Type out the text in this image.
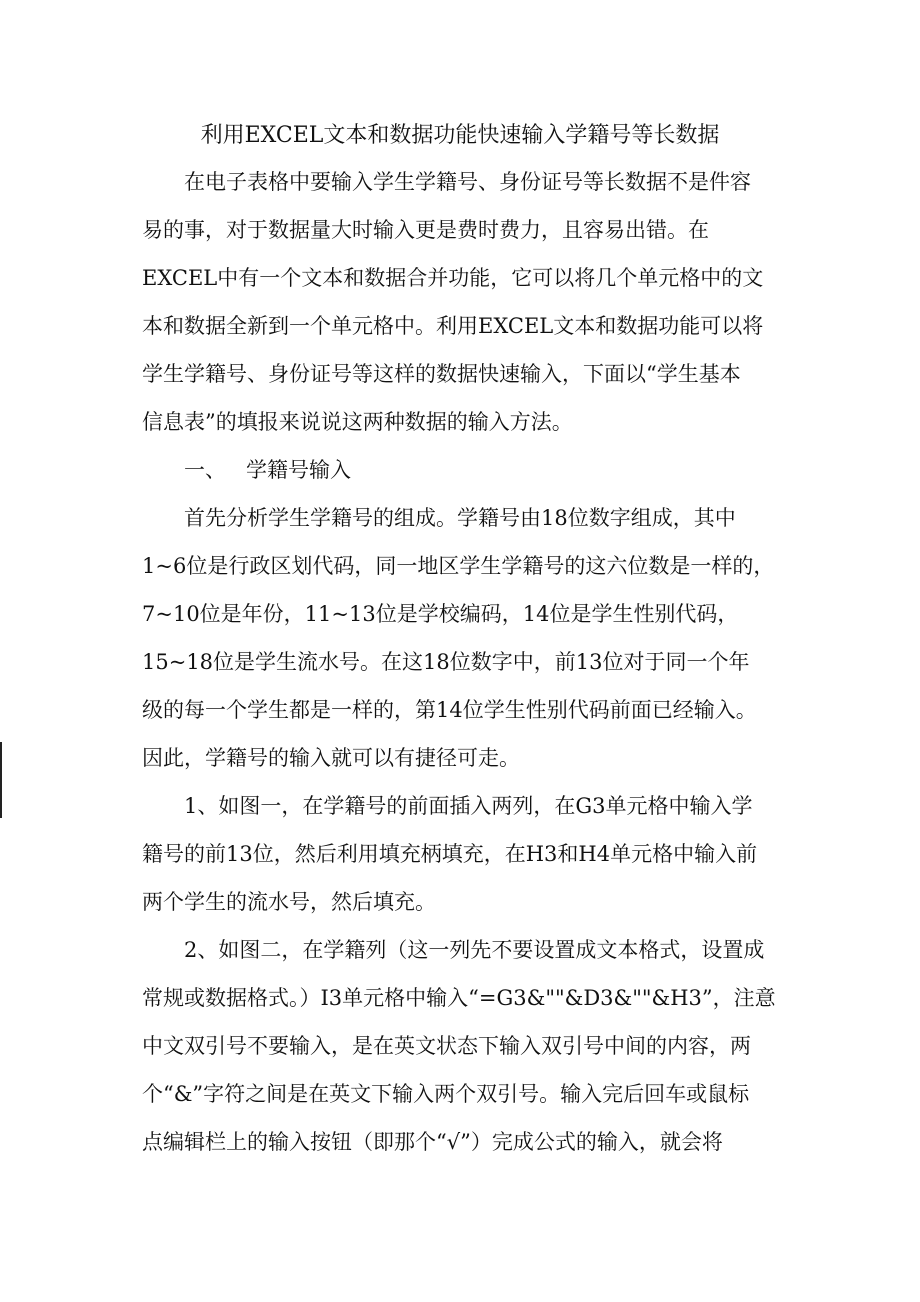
利用EXCEL文本和数据功能快速输入学籍号等长数据
在电子表格中要输入学生学籍号、身份证号等长数据不是件容
易的事，对于数据量大时输入更是费时费力，且容易出错。在
EXCEL中有一个文本和数据合并功能，它可以将几个单元格中的文
本和数据全新到一个单元格中。利用EXCEL文本和数据功能可以将
学生学籍号、身份证号等这样的数据快速输入，下面以“学生基本
信息表”的填报来说说这两种数据的输入方法。
一、   学籍号输入
首先分析学生学籍号的组成。学籍号由18位数字组成，其中
1~6位是行政区划代码，同一地区学生学籍号的这六位数是一样的，
7~10位是年份，11~13位是学校编码，14位是学生性别代码，
15~18位是学生流水号。在这18位数字中，前13位对于同一个年
级的每一个学生都是一样的，第14位学生性别代码前面已经输入。
因此，学籍号的输入就可以有捷径可走。
1、如图一，在学籍号的前面插入两列，在G3单元格中输入学
籍号的前13位，然后利用填充柄填充，在H3和H4单元格中输入前
两个学生的流水号，然后填充。
2、如图二，在学籍列（这一列先不要设置成文本格式，设置成
常规或数据格式。）I3单元格中输入“=G3&""&D3&""&H3”，注意
中文双引号不要输入，是在英文状态下输入双引号中间的内容，两
个“&”字符之间是在英文下输入两个双引号。输入完后回车或鼠标
点编辑栏上的输入按钮（即那个“√”）完成公式的输入，就会将
